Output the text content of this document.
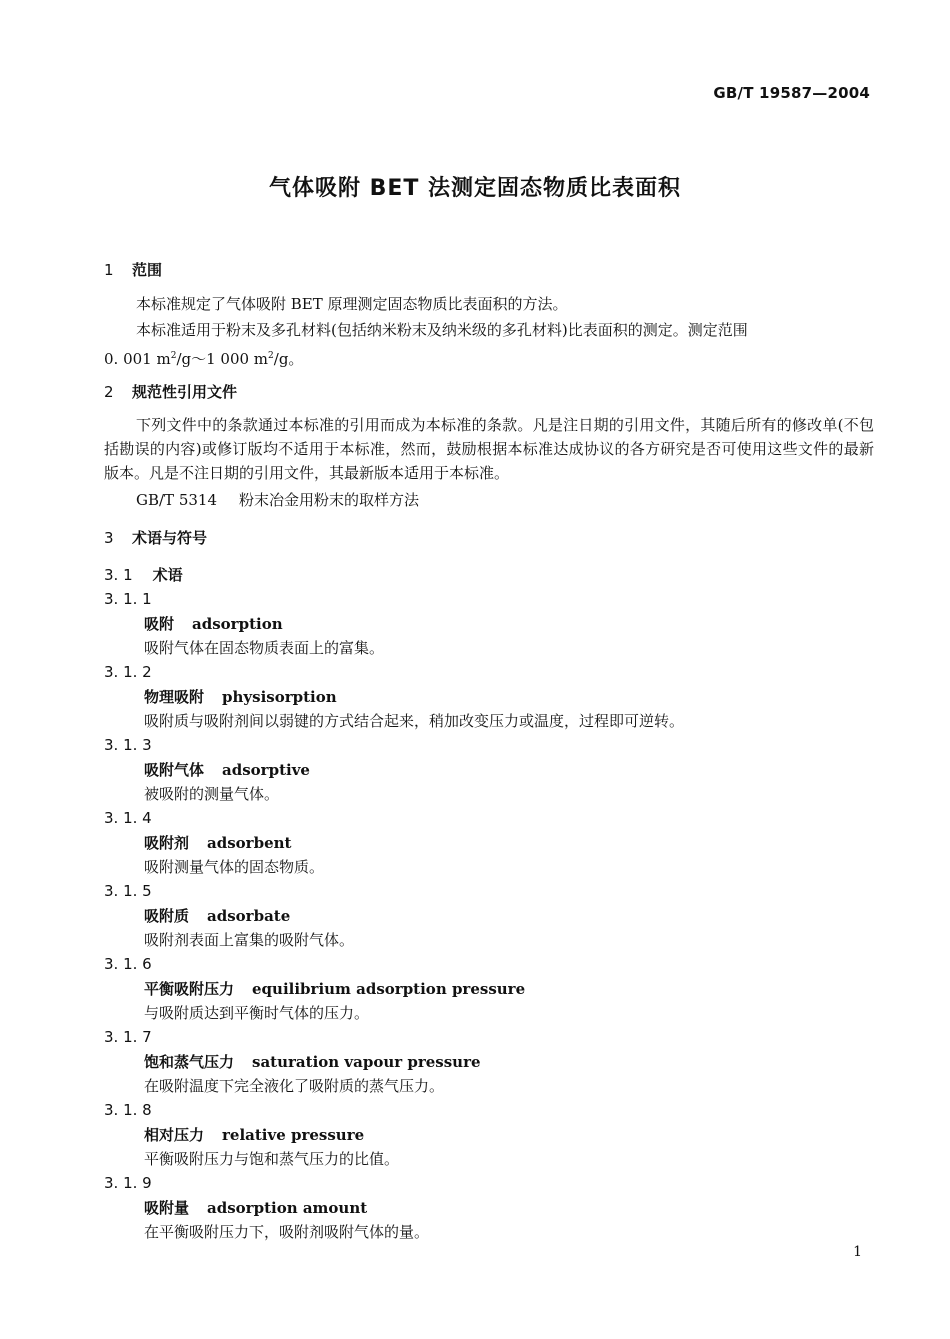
GB/T 19587—2004
气体吸附 BET 法测定固态物质比表面积
1 范围
本标准规定了气体吸附 BET 原理测定固态物质比表面积的方法。
本标准适用于粉末及多孔材料(包括纳米粉末及纳米级的多孔材料)比表面积的测定。测定范围
0. 001 $m^2/g\sim 1$ 000 $m^2/g$。
2 规范性引用文件
下列文件中的条款通过本标准的引用而成为本标准的条款。凡是注日期的引用文件，其随后所有的修改单(不包括勘误的内容)或修订版均不适用于本标准，然而，鼓励根据本标准达成协议的各方研究是否可使用这些文件的最新版本。凡是不注日期的引用文件，其最新版本适用于本标准。
GB/T 5314 粉末冶金用粉末的取样方法
3 术语与符号
3. 1 术语
3. 1. 1
吸附 adsorption
吸附气体在固态物质表面上的富集。
3. 1. 2
物理吸附 physisorption
吸附质与吸附剂间以弱键的方式结合起来，稍加改变压力或温度，过程即可逆转。
3. 1. 3
吸附气体 adsorptive
被吸附的测量气体。
3. 1. 4
吸附剂 adsorbent
吸附测量气体的固态物质。
3. 1. 5
吸附质 adsorbate
吸附剂表面上富集的吸附气体。
3. 1. 6
平衡吸附压力 equilibrium adsorption pressure
与吸附质达到平衡时气体的压力。
3. 1. 7
饱和蒸气压力 saturation vapour pressure
在吸附温度下完全液化了吸附质的蒸气压力。
3. 1. 8
相对压力 relative pressure
平衡吸附压力与饱和蒸气压力的比值。
3. 1. 9
吸附量 adsorption amount
在平衡吸附压力下，吸附剂吸附气体的量。
1
